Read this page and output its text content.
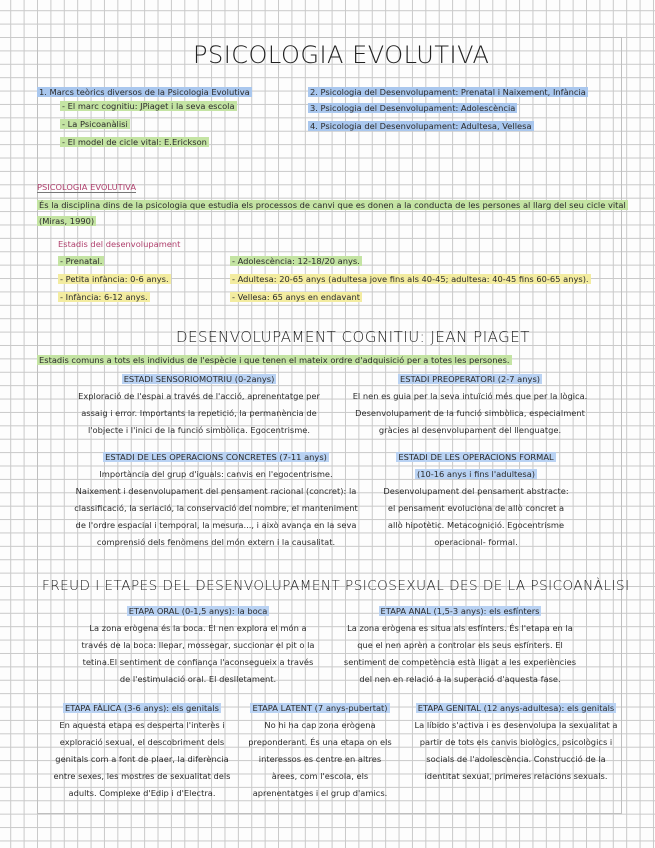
PSICOLOGIA EVOLUTIVA
1. Marcs teòrics diversos de la Psicologia Evolutiva
- El marc cognitiu: JPiaget i la seva escola
- La Psicoanàlisi
- El model de cicle vital: E.Erickson
2. Psicologia del Desenvolupament: Prenatal i Naixement, Infància
3. Psicologia del Desenvolupament: Adolescència
4. Psicologia del Desenvolupament: Adultesa, Vellesa
PSICOLOGIA EVOLUTIVA
És la disciplina dins de la psicologia que estudia els processos de canvi que es donen a la conducta de les persones al llarg del seu cicle vital
(Miras, 1990)
Estadis del desenvolupament
- Prenatal.
- Petita infància: 0-6 anys.
- Infància: 6-12 anys.
- Adolescència: 12-18/20 anys.
- Adultesa: 20-65 anys (adultesa jove fins als 40-45; adultesa: 40-45 fins 60-65 anys).
- Vellesa: 65 anys en endavant
DESENVOLUPAMENT COGNITIU: JEAN PIAGET
Estadis comuns a tots els individus de l'espècie i que tenen el mateix ordre d'adquisició per a totes les persones.
ESTADI SENSORIOMOTRIU (0-2anys)
Exploració de l'espai a través de l'acció, aprenentatge per
assaig i error. Importants la repetició, la permanència de
l'objecte i l'inici de la funció simbòlica. Egocentrisme.
ESTADI PREOPERATORI (2-7 anys)
El nen es guia per la seva intuïció més que per la lògica.
Desenvolupament de la funció simbòlica, especialment
gràcies al desenvolupament del llenguatge.
ESTADI DE LES OPERACIONS CONCRETES (7-11 anys)
Importància del grup d'iguals: canvis en l'egocentrisme.
Naixement i desenvolupament del pensament racional (concret): la
classificació, la seriació, la conservació del nombre, el manteniment
de l'ordre espacial i temporal, la mesura..., i això avança en la seva
comprensió dels fenòmens del món extern i la causalitat.
ESTADI DE LES OPERACIONS FORMAL
(10-16 anys i fins l'adultesa)
Desenvolupament del pensament abstracte:
el pensament evoluciona de allò concret a
allò hipotètic. Metacognició. Egocentrisme
operacional- formal.
FREUD I ETAPES DEL DESENVOLUPAMENT PSICOSEXUAL DES DE LA PSICOANÀLISI
ETAPA ORAL (0-1,5 anys): la boca
La zona erògena és la boca. El nen explora el món a
través de la boca: llepar, mossegar, succionar el pit o la
tetina.El sentiment de confiança l'aconsegueix a través
de l'estimulació oral. El deslletament.
ETAPA ANAL (1,5-3 anys): els esfínters
La zona erògena es situa als esfínters. És l'etapa en la
que el nen aprèn a controlar els seus esfínters. El
sentiment de competència està lligat a les experiències
del nen en relació a la superació d'aquesta fase.
ETAPA FÀLICA (3-6 anys): els genitals
En aquesta etapa es desperta l'interès i
exploració sexual, el descobriment dels
genitals com a font de plaer, la diferència
entre sexes, les mostres de sexualitat dels
adults. Complexe d'Edip i d'Electra.
ETAPA LATENT (7 anys-pubertat)
No hi ha cap zona erògena
preponderant. És una etapa on els
interessos es centre en altres
àrees, com l'escola, els
aprenentatges i el grup d'amics.
ETAPA GENITAL (12 anys-adultesa): els genitals
La líbido s'activa i es desenvolupa la sexualitat a
partir de tots els canvis biològics, psicològics i
socials de l'adolescència. Construcció de la
identitat sexual, primeres relacions sexuals.
